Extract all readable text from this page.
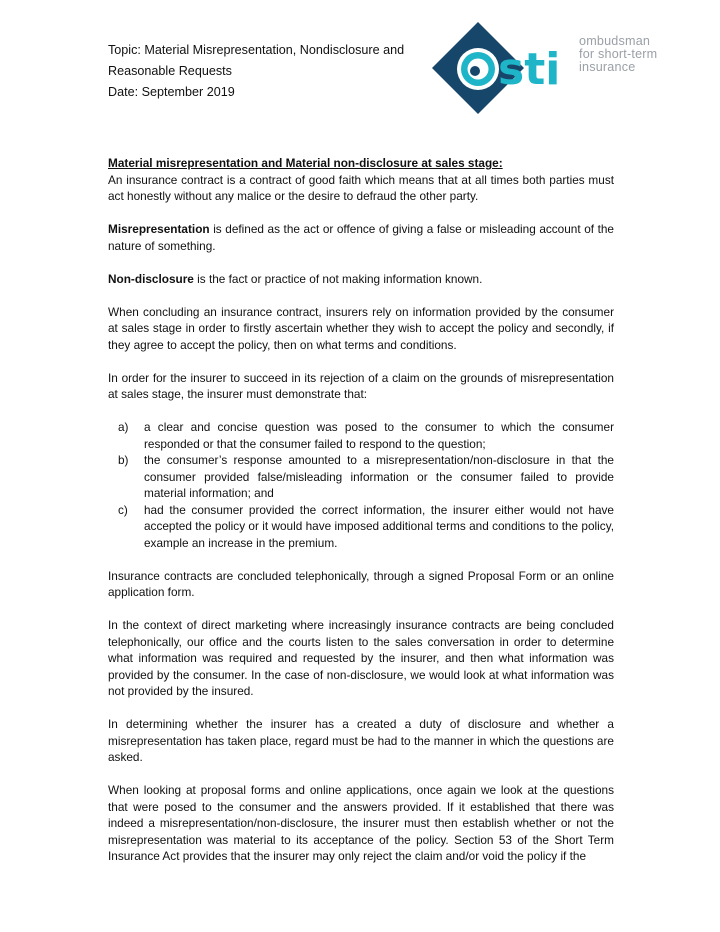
Topic: Material Misrepresentation, Nondisclosure and
Reasonable Requests
Date: September 2019	sti
ombudsman
for short-term
insurance

Material misrepresentation and Material non-disclosure at sales stage:
An insurance contract is a contract of good faith which means that at all times both parties must act honestly without any malice or the desire to defraud the other party.

Misrepresentation is defined as the act or offence of giving a false or misleading account of the nature of something.

Non-disclosure is the fact or practice of not making information known.

When concluding an insurance contract, insurers rely on information provided by the consumer at sales stage in order to firstly ascertain whether they wish to accept the policy and secondly, if they agree to accept the policy, then on what terms and conditions.

In order for the insurer to succeed in its rejection of a claim on the grounds of misrepresentation at sales stage, the insurer must demonstrate that:

a) a clear and concise question was posed to the consumer to which the consumer responded or that the consumer failed to respond to the question;
b) the consumer’s response amounted to a misrepresentation/non-disclosure in that the consumer provided false/misleading information or the consumer failed to provide material information; and
c) had the consumer provided the correct information, the insurer either would not have accepted the policy or it would have imposed additional terms and conditions to the policy, example an increase in the premium.

Insurance contracts are concluded telephonically, through a signed Proposal Form or an online application form.

In the context of direct marketing where increasingly insurance contracts are being concluded telephonically, our office and the courts listen to the sales conversation in order to determine what information was required and requested by the insurer, and then what information was provided by the consumer. In the case of non-disclosure, we would look at what information was not provided by the insured.

In determining whether the insurer has a created a duty of disclosure and whether a misrepresentation has taken place, regard must be had to the manner in which the questions are asked.

When looking at proposal forms and online applications, once again we look at the questions that were posed to the consumer and the answers provided. If it established that there was indeed a misrepresentation/non-disclosure, the insurer must then establish whether or not the misrepresentation was material to its acceptance of the policy. Section 53 of the Short Term Insurance Act provides that the insurer may only reject the claim and/or void the policy if the
